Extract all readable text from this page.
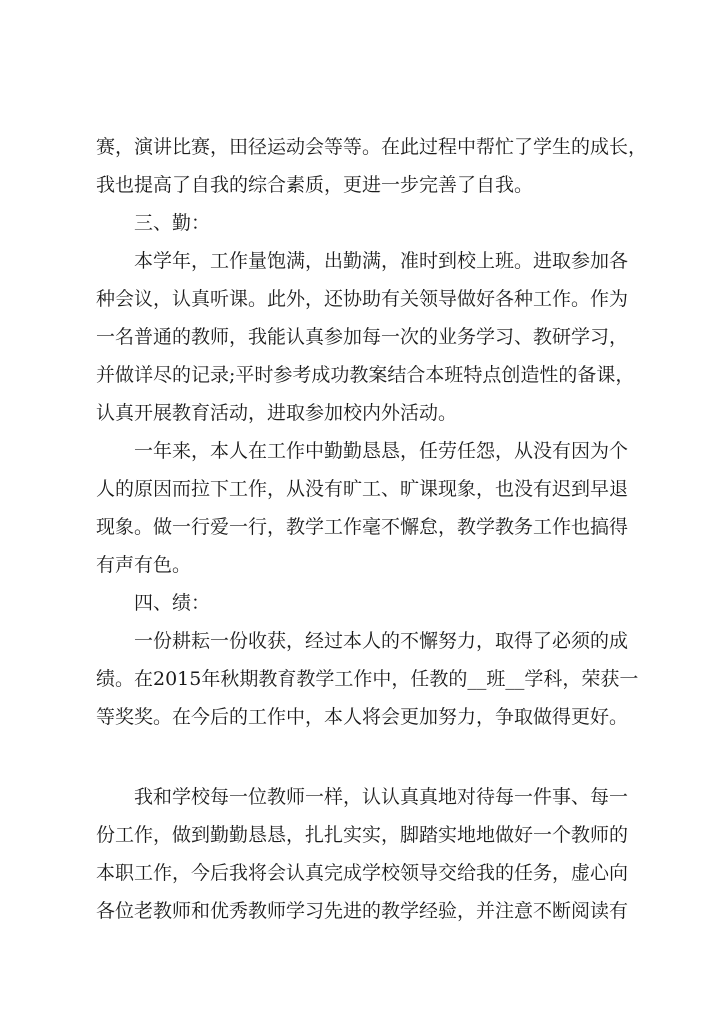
赛，演讲比赛，田径运动会等等。在此过程中帮忙了学生的成长，
我也提高了自我的综合素质，更进一步完善了自我。
三、勤：
本学年，工作量饱满，出勤满，准时到校上班。进取参加各
种会议，认真听课。此外，还协助有关领导做好各种工作。作为
一名普通的教师，我能认真参加每一次的业务学习、教研学习，
并做详尽的记录;平时参考成功教案结合本班特点创造性的备课，
认真开展教育活动，进取参加校内外活动。
一年来，本人在工作中勤勤恳恳，任劳任怨，从没有因为个
人的原因而拉下工作，从没有旷工、旷课现象，也没有迟到早退
现象。做一行爱一行，教学工作毫不懈怠，教学教务工作也搞得
有声有色。
四、绩：
一份耕耘一份收获，经过本人的不懈努力，取得了必须的成
绩。在2015年秋期教育教学工作中，任教的__班__学科，荣获一
等奖奖。在今后的工作中，本人将会更加努力，争取做得更好。
我和学校每一位教师一样，认认真真地对待每一件事、每一
份工作，做到勤勤恳恳，扎扎实实，脚踏实地地做好一个教师的
本职工作，今后我将会认真完成学校领导交给我的任务，虚心向
各位老教师和优秀教师学习先进的教学经验，并注意不断阅读有
